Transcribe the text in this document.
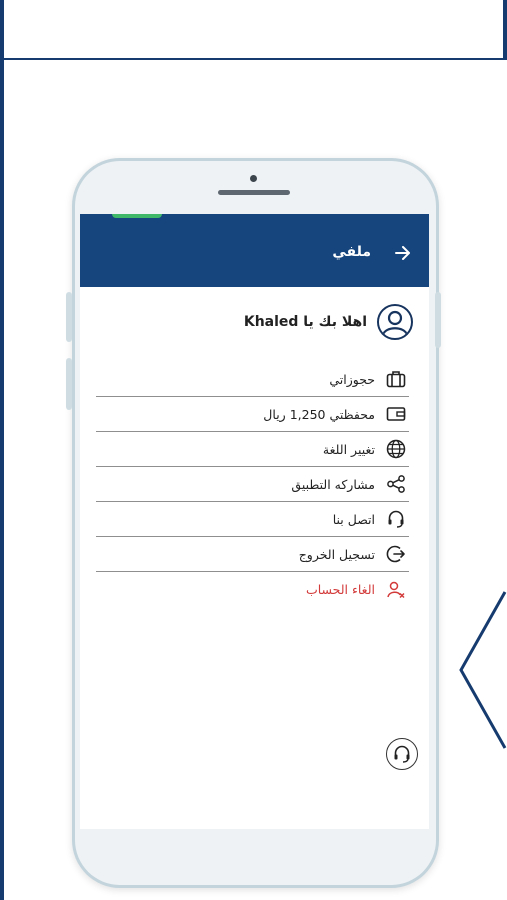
ملفي
اهلا بك يا Khaled
حجوزاتي
محفظتي 1,250 ريال
تغيير اللغة
مشاركه التطبيق
اتصل بنا
تسجيل الخروج
الغاء الحساب
